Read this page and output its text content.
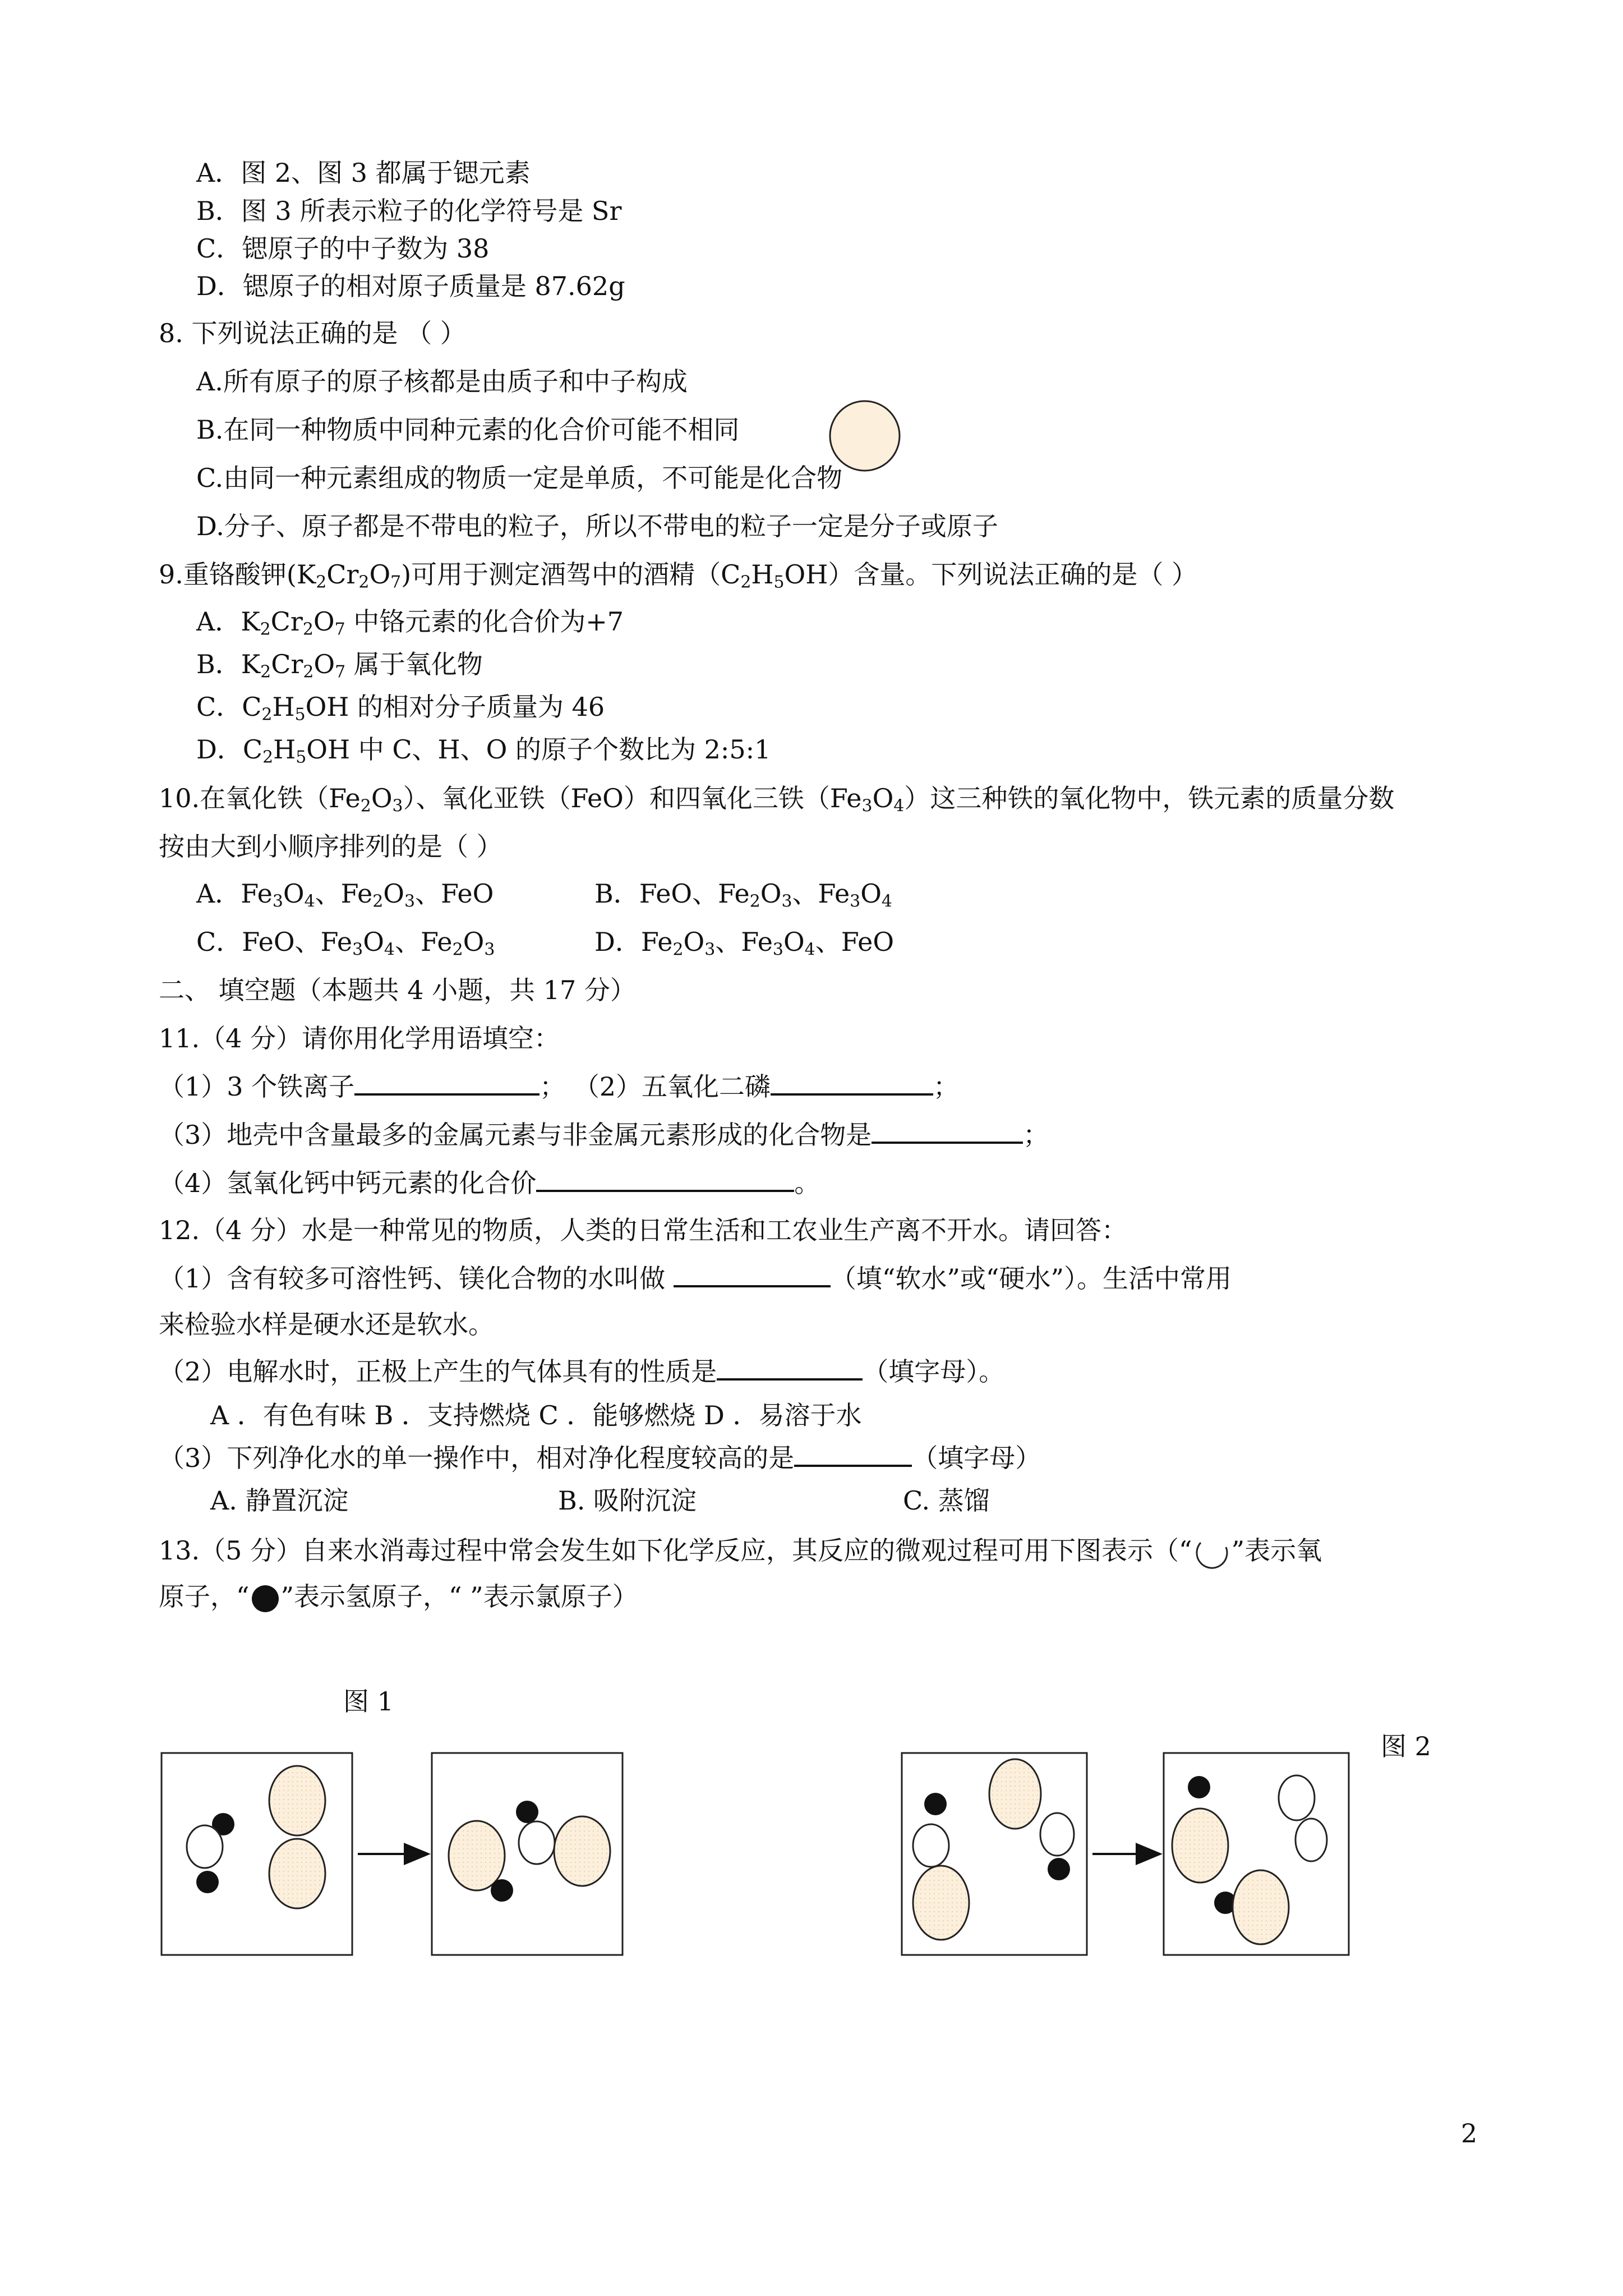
A．图 2、图 3 都属于锶元素
B．图 3 所表示粒子的化学符号是 Sr
C．锶原子的中子数为 38
D．锶原子的相对原子质量是 87.62g
8. 下列说法正确的是 （ ）
A.所有原子的原子核都是由质子和中子构成
B.在同一种物质中同种元素的化合价可能不相同
C.由同一种元素组成的物质一定是单质，不可能是化合物
D.分子、原子都是不带电的粒子，所以不带电的粒子一定是分子或原子
9.重铬酸钾$(K_2Cr_2O_7)$可用于测定酒驾中的酒精$(C_2H_5OH)$含量。下列说法正确的是（ ）
A．$K_2Cr_2O_7$ 中铬元素的化合价为+7
B．$K_2Cr_2O_7$ 属于氧化物
C．$C_2H_5OH$ 的相对分子质量为 46
D．$C_2H_5OH$ 中 C、H、O 的原子个数比为 2:5:1
10.在氧化铁$(Fe_2O_3)$、氧化亚铁（FeO）和四氧化三铁$(Fe_3O_4)$这三种铁的氧化物中，铁元素的质量分数
按由大到小顺序排列的是（ ）
A．$Fe_3O_4$、$Fe_2O_3$、FeO	B．FeO、$Fe_2O_3$、$Fe_3O_4$
C．FeO、$Fe_3O_4$、$Fe_2O_3$	D．$Fe_2O_3$、$Fe_3O_4$、FeO
二、 填空题（本题共 4 小题，共 17 分）
11.（4 分）请你用化学用语填空：
（1）3 个铁离子	； （2）五氧化二磷	；
（3）地壳中含量最多的金属元素与非金属元素形成的化合物是	；
（4）氢氧化钙中钙元素的化合价	。
12.（4 分）水是一种常见的物质，人类的日常生活和工农业生产离不开水。请回答：
（1）含有较多可溶性钙、镁化合物的水叫做	（填“软水”或“硬水”）。生活中常用
来检验水样是硬水还是软水。
（2）电解水时，正极上产生的气体具有的性质是	（填字母）。
A ．有色有味 B ．支持燃烧 C ．能够燃烧 D ．易溶于水
（3）下列净化水的单一操作中，相对净化程度较高的是	（填字母）
A. 静置沉淀	B. 吸附沉淀	C. 蒸馏
13.（5 分）自来水消毒过程中常会发生如下化学反应，其反应的微观过程可用下图表示（“ ”表示氧
原子，“ ”表示氢原子，“ ”表示氯原子）
图 1
图 2
2
